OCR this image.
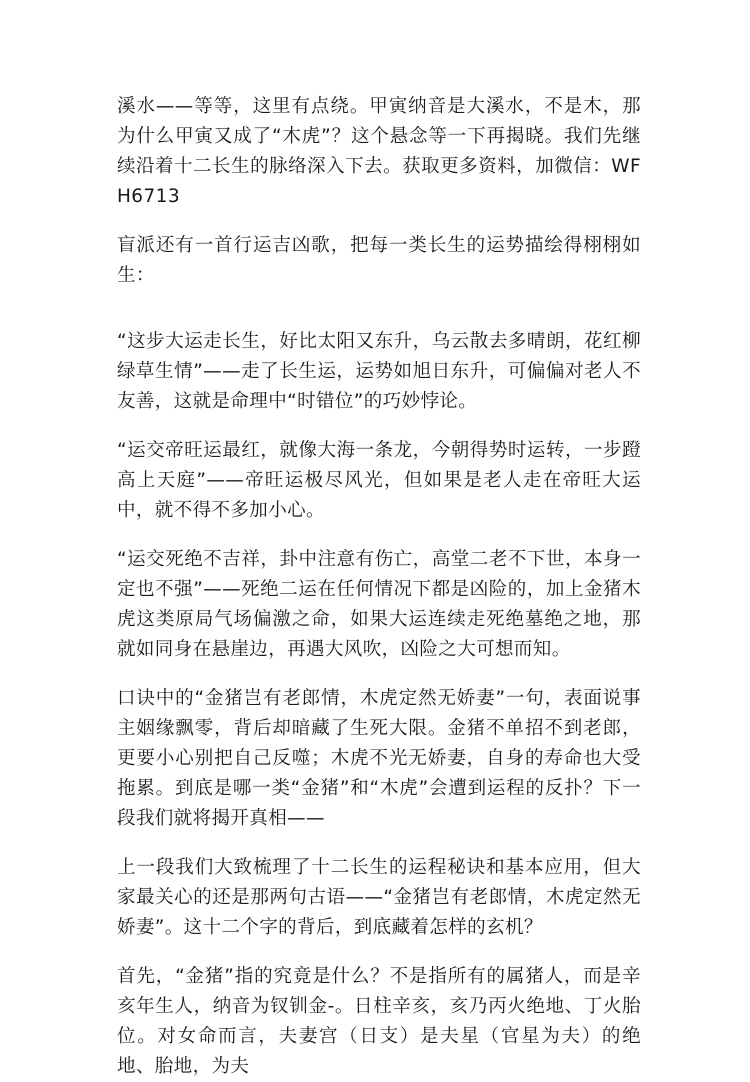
溪水——等等，这里有点绕。甲寅纳音是大溪水，不是木，那为什么甲寅又成了“木虎”？这个悬念等一下再揭晓。我们先继续沿着十二长生的脉络深入下去。获取更多资料，加微信：WFH6713

盲派还有一首行运吉凶歌，把每一类长生的运势描绘得栩栩如生：

“这步大运走长生，好比太阳又东升，乌云散去多晴朗，花红柳绿草生情”——走了长生运，运势如旭日东升，可偏偏对老人不友善，这就是命理中“时错位”的巧妙悖论。

“运交帝旺运最红，就像大海一条龙，今朝得势时运转，一步蹬高上天庭”——帝旺运极尽风光，但如果是老人走在帝旺大运中，就不得不多加小心。

“运交死绝不吉祥，卦中注意有伤亡，高堂二老不下世，本身一定也不强”——死绝二运在任何情况下都是凶险的，加上金猪木虎这类原局气场偏激之命，如果大运连续走死绝墓绝之地，那就如同身在悬崖边，再遇大风吹，凶险之大可想而知。

口诀中的“金猪岂有老郎情，木虎定然无娇妻”一句，表面说事主姻缘飘零，背后却暗藏了生死大限。金猪不单招不到老郎，更要小心别把自己反噬；木虎不光无娇妻，自身的寿命也大受拖累。到底是哪一类“金猪”和“木虎”会遭到运程的反扑？下一段我们就将揭开真相——

上一段我们大致梳理了十二长生的运程秘诀和基本应用，但大家最关心的还是那两句古语——“金猪岂有老郎情，木虎定然无娇妻”。这十二个字的背后，到底藏着怎样的玄机？

首先，“金猪”指的究竟是什么？不是指所有的属猪人，而是辛亥年生人，纳音为钗钏金-。日柱辛亥，亥乃丙火绝地、丁火胎位。对女命而言，夫妻宫（日支）是夫星（官星为夫）的绝地、胎地，为夫
